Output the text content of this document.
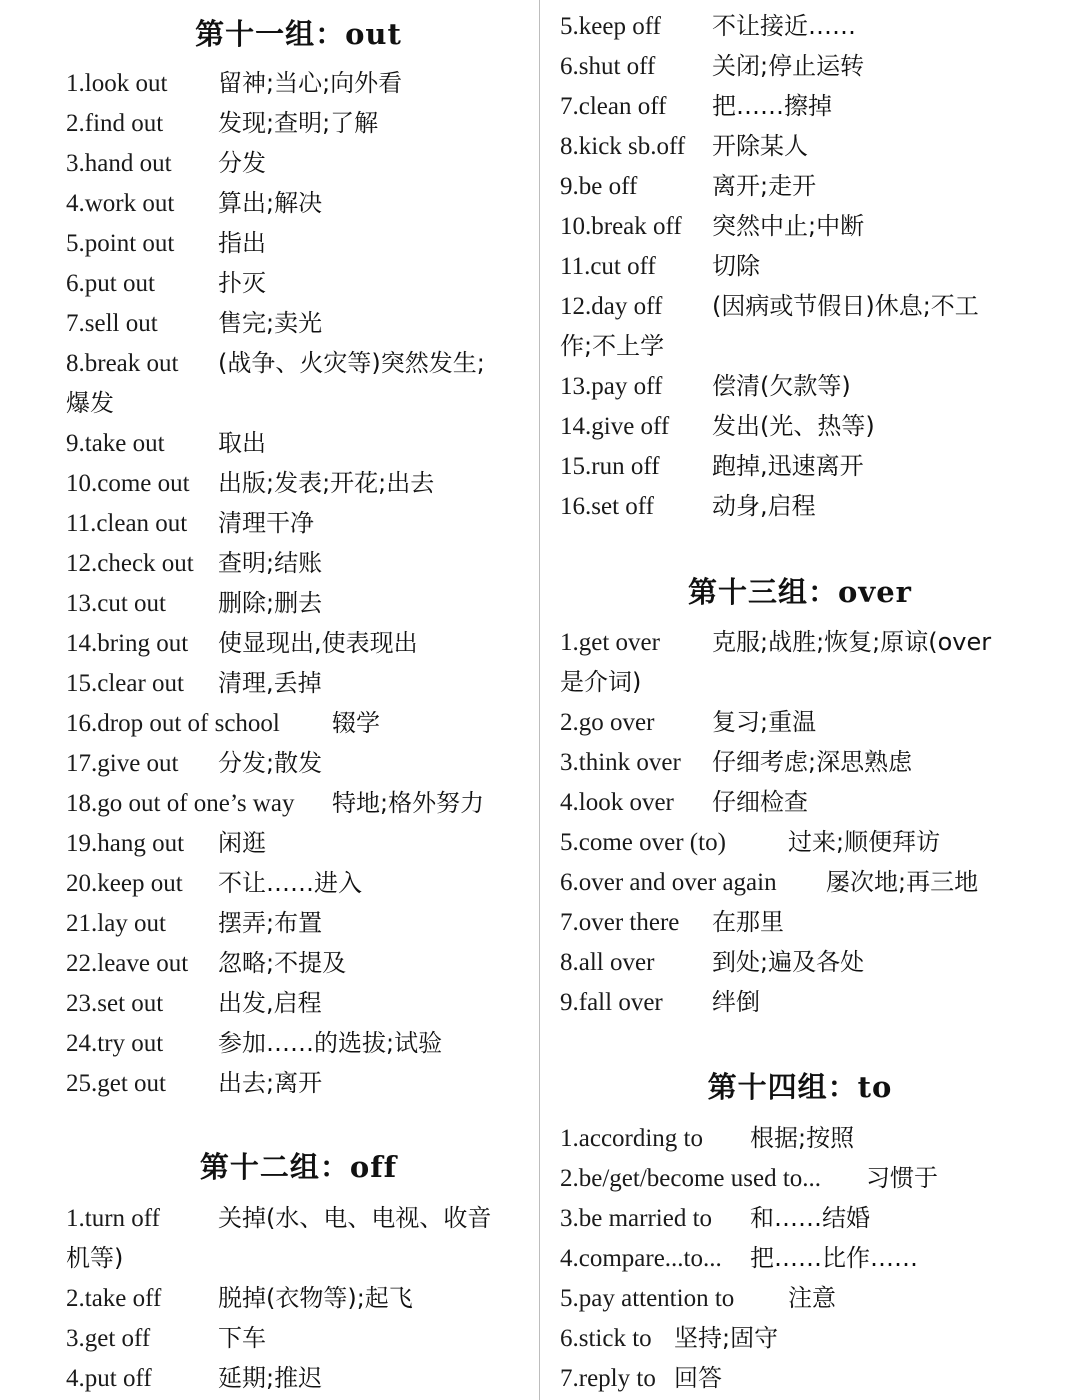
第十一组：out
1.look out 留神;当心;向外看
2.find out 发现;查明;了解
3.hand out 分发
4.work out 算出;解决
5.point out 指出
6.put out	扑灭
7.sell out	售完;卖光
8.break out (战争、火灾等)突然发生;
爆发
9.take out 取出
10.come out 出版;发表;开花;出去
11.clean out 清理干净
12.check out 查明;结账
13.cut out 删除;删去
14.bring out 使显现出,使表现出
15.clear out 清理,丢掉
16.drop out of school 辍学
17.give out 分发;散发
18.go out of one’s way 特地;格外努力
19.hang out 闲逛
20.keep out 不让……进入
21.lay out 摆弄;布置
22.leave out 忽略;不提及
23.set out 出发,启程
24.try out 参加……的选拔;试验
25.get out 出去;离开
第十二组：off
1.turn off 关掉(水、电、电视、收音
机等)
2.take off 脱掉(衣物等);起飞
3.get off	下车
4.put off	延期;推迟
5.keep off 不让接近……
6.shut off 关闭;停止运转
7.clean off 把……擦掉
8.kick sb.off 开除某人
9.be off	离开;走开
10.break off 突然中止;中断
11.cut off 切除
12.day off (因病或节假日)休息;不工
作;不上学
13.pay off 偿清(欠款等)
14.give off 发出(光、热等)
15.run off 跑掉,迅速离开
16.set off 动身,启程
第十三组：over
1.get over 克服;战胜;恢复;原谅(over
是介词)
2.go over 复习;重温
3.think over 仔细考虑;深思熟虑
4.look over 仔细检查
5.come over (to)	过来;顺便拜访
6.over and over again 屡次地;再三地
7.over there 在那里
8.all over 到处;遍及各处
9.fall over 绊倒
第十四组：to
1.according to 根据;按照
2.be/get/become used to... 习惯于
3.be married to 和……结婚
4.compare...to... 把……比作……
5.pay attention to 注意
6.stick to 坚持;固守
7.reply to 回答
